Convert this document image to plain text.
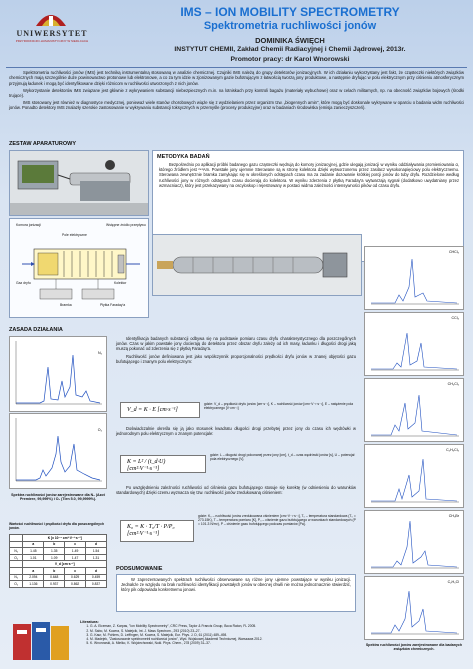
UNIWERSYTET
PRZYRODNICZO-HUMANISTYCZNY W SIEDLCACH
IMS – ION MOBILITY SPECTROMETRY
Spektrometria ruchliwości jonów
DOMINIKA ŚWIĘCH
INSTYTUT CHEMII, Zakład Chemii Radiacyjnej i Chemii Jądrowej, 2013r.
Promotor pracy: dr Karol Wnorowski

Spektrometria ruchliwości jonów (IMS) jest techniką instrumentalną stosowaną w analizie chemicznej. Czujniki IMS należą do grupy detektorów jonizacyjnych. W ich działaniu wykorzystany jest fakt, że cząsteczki niektórych związków chemicznych mają szczególnie duże powinowactwo protonowe lub elektronowe, a co za tym idzie w zjonizowanym gazie bufotrującym z łatwością tworzą jony produktowe, a następnie dryfując w polu elektrycznym przy ciśnieniu atmosferycznym przyjmują ładunek i mogą być identyfikowane dzięki różnicom w ruchliwości utworzonych z nich jonów.

Wykorzystanie detektorów IMS związane jest głównie z wykrywaniem substancji niebezpiecznych m.in. na lotniskach przy kontroli bagażu (materiały wybuchowe) oraz w celach militarnych, np. na obecność związków bojowych (środki trujące).

IMS stosowany jest również w diagnostyce medycznej, ponieważ wiele stanów chorobowych wiąże się z wydzielaniem przez organizm tzw. „biogennych amin", które mogą być doskonale wykrywane w oparciu o badania widm ruchliwości jonów. Ponadto detektory IMS znalazły szerokie zastosowanie w wykrywaniu substancji toksycznych w przemyśle (procesy produkcyjne) oraz w badaniach środowiska (emisja zanieczyszczeń).

ZESTAW APARATUROWY
Komora jonizacji
Pole elektryczne
Wstępne źródło przepływu
Kolektor
Bramka
Gaz dryfu
Płytka Faraday'a
METODYKA BADAŃ

Bezpośrednio po aplikacji próbki badanego gazu cząsteczki wędrują do komory jonizacyjnej, gdzie ulegają jonizacji w wyniku oddziaływania promieniowania α, którego źródłem jest ²⁴¹Am. Powstałe jony ujemnie Sterowane są w stronę kolektora dzięki wytworzonemu przez zasilacz wysokonapięciowy polu elektrycznemu. Sterowana zewnętrznie bramka zamykając się w określonych odstępach czasu ma za zadanie dozowanie krótkiej porcji jonów do tuby dryfu. Rozdzielone według ruchliwości jony w różnych odstępach czasu docierają do kolektora. W wyniku zderzenia z płytką Faraday'a wytwarzają sygnał (dodatkowo uwydatniany przez wzmacniacz), który jest przekazywany na oscyloskop i rejestrowany w postaci widma zależności intensywności pików od czasu dryfu.

ZASADA DZIAŁANIA
N₂
O₂
Spektra ruchliwości jonów zarejestrowane dla N₂ (Azot Premiere, 99,999%) i O₂ (Tlen 5.0, 99,9999%).
Wartości ruchliwości i prędkości dryfu dla poszczególnych jonów.
	K [x 10⁻⁴ cm²·V⁻¹·s⁻¹]			
	a	b	c	d
N₂	1.45	1.35	1.49	1.54
O₂	1.01	1.09	1.47	1.31
	V_d [cm·s⁻¹]			
	a	b	c	d
N₂	2.094	0.648	0.629	0.459
O₂	1.136	0.937	0.862	0.837

Identyfikacja badanych substancji odbywa się na podstawie pomiaru czasu dryfu charakterystycznego dla poszczególnych jonów. Czas w jakim powstałe jony docierają do detektora przez obszar dryfu zależy od ich masy, ładunku i długości drogi jaką muszą pokonać od zderzenia się z płytką Faraday'a.

Ruchliwość jonów definiowana jest jako współczynnik proporcjonalności prędkości dryfu jonów w znanej objętości gazu bufotującego i znanym polu elektrycznym:

V_d = K · E [cm·s⁻¹]
gdzie: V_d – prędkość dryfu jonów [cm·s⁻¹], K – ruchliwość jonów [cm²·V⁻¹·s⁻¹], E – natężenie pola elektrycznego [V·cm⁻¹]

Doświadczalnie określa się ją jako stosunek kwadratu długości drogi przebytej przez jony do czasu ich wędrówki w jednorodnym polu elektrycznym o znanym potencjale:

K = L² / (t_d·U) [cm²·V⁻¹·s⁻¹]
gdzie: L – długość drogi pokonanej przez jony [cm], t_d – czas wędrówki jonów [s], U – potencjał pola elektrycznego [V].

Po uwzględnieniu zależności ruchliwości od ciśnienia gazu bufotującego stosuje się korektę (w odniesieniu do warunków standardowych) dzięki czemu wyznacza się tzw. ruchliwość jonów zredukowaną ciśnieniem:

K₀ = K · T₀/T · P/P₀ [cm²·V⁻¹·s⁻¹]
gdzie: K₀ – ruchliwość jonów zredukowana ciśnieniem [cm²·V⁻¹·s⁻¹], T₀ – temperatura standardowa (T₀ = 273.15K), T – temperatura pomiaru [K], P₀ – ciśnienie gazu bufotującego w warunkach standardowych (P = 101.3 N/m²), P – ciśnienie gazu bufotującego podczas pomiarów [Pa].
PODSUMOWANIE

W zaprezentowanych spektrach ruchliwości obserwowane są różne jony ujemne powstające w wyniku jonizacji. Jednakże ze względu na brak ruchliwości identyfikacji powstałych jonów w obecnej chwili nie można jednoznacznie stwierdzić, który pik odpowiada konkretnemu jonowi.

CHCl₃
CCl₄
CH₂Cl₂
C₂H₃Cl₃
CH₃Br
C₂H₅Cl
Spektra ruchliwości jonów zarejestrowane dla badanych związków chemicznych.
Literatura:
1. G. A. Eiceman, Z. Karpas, "Ion Mobility Spectrometry", CRC Press, Taylor & Francis Group, Boca Raton, FL 2005.
2. M. Sabo, M. Kucera, S. Matejcik, Int. J. Mass Spectrom., 293 (2010) 23–27.
3. G. Kaur, M. Pohlers, D. Leffingen, M. Kucera, S. Matejcik, Eur. Phys. J. D, 61 (2011) 489–498.
4. M. Madejek, "Zastosowanie spektrometrii ruchliwości jonów", Wyd. Wojskowej Akademii Technicznej, Warszawa 2012.
5. K. Wnorowski, A. Mielko, K. Wojciechowski, Nukl. Phys. Chem., 278 (2009) 31–37.
